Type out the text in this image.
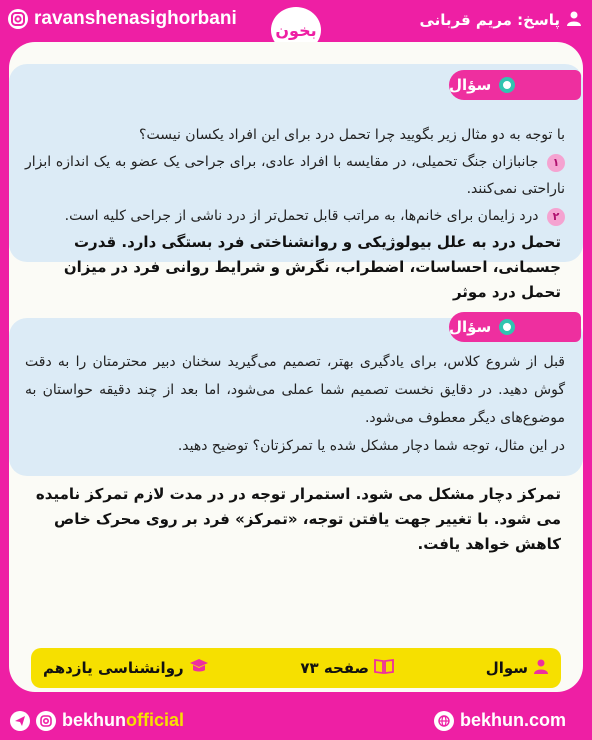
ravanshenasighorbani
بخون
پاسخ: مریم قربانی
سؤال
با توجه به دو مثال زیر بگویید چرا تحمل درد برای این افراد یکسان نیست؟
۱ جانبازان جنگ تحمیلی، در مقایسه با افراد عادی، برای جراحی یک عضو به یک اندازه ابزار ناراحتی نمی‌کنند.
۲ درد زایمان برای خانم‌ها، به مراتب قابل تحمل‌تر از درد ناشی از جراحی کلیه است.
تحمل درد به علل بیولوژیکی و روانشناختی فرد بستگی دارد. قدرت جسمانی، احساسات، اضطراب، نگرش و شرایط روانی فرد در میزان تحمل درد موثر
سؤال
قبل از شروع کلاس، برای یادگیری بهتر، تصمیم می‌گیرید سخنان دبیر محترمتان را به دقت گوش دهید. در دقایق نخست تصمیم شما عملی می‌شود، اما بعد از چند دقیقه حواستان به موضوع‌های دیگر معطوف می‌شود.
در این مثال، توجه شما دچار مشکل شده یا تمرکزتان؟ توضیح دهید.
تمرکز دچار مشکل می شود. استمرار توجه در در مدت لازم تمرکز نامیده می شود. با تغییر جهت یافتن توجه، «تمرکز» فرد بر روی محرک خاص کاهش خواهد یافت.
سوال
صفحه ۷۳
روانشناسی یازدهم
bekhunofficial	bekhun.com
